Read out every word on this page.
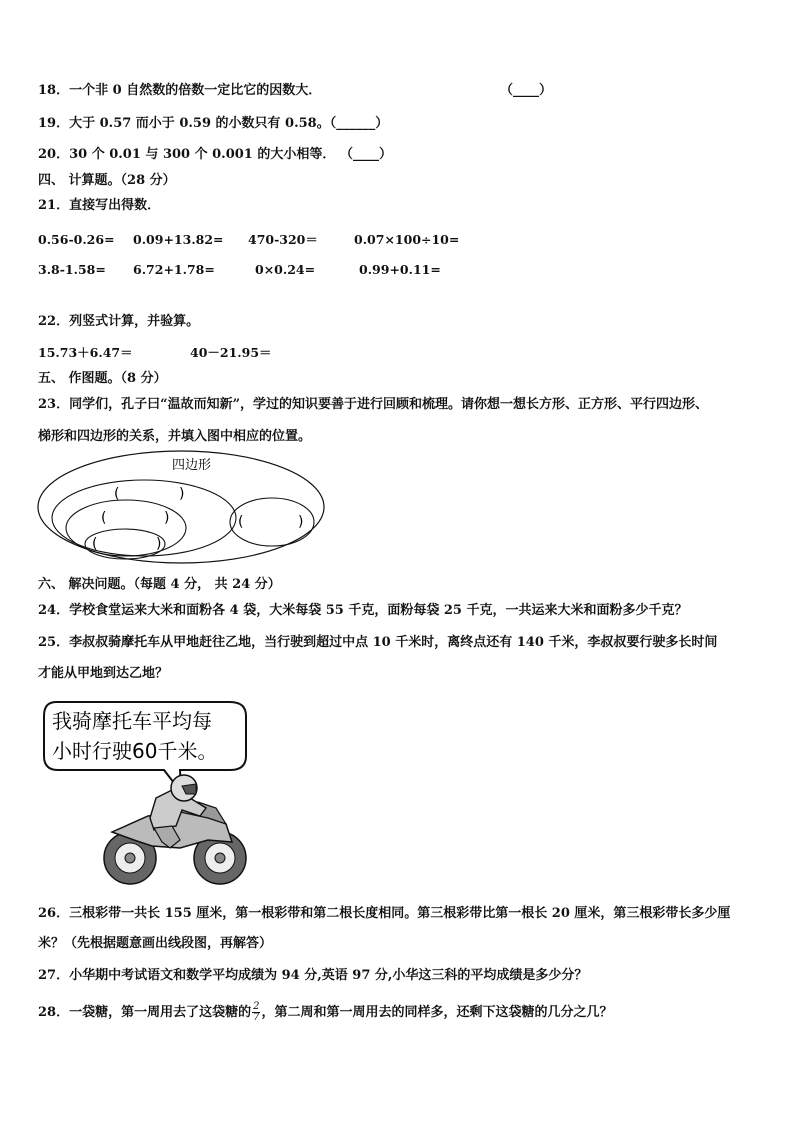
18．一个非 0 自然数的倍数一定比它的因数大．	（____）
19．大于 0.57 而小于 0.59 的小数只有 0.58。（______）
20．30 个 0.01 与 300 个 0.001 的大小相等． （____）
四、 计算题。（28 分）
21．直接写出得数．
0.56-0.26= 0.09+13.82= 470-320＝	0.07×100÷10=
3.8-1.58= 6.72+1.78=	0×0.24=	0.99+0.11=
22．列竖式计算，并验算。
15.73＋6.47＝	40－21.95＝
五、 作图题。（8 分）
23．同学们，孔子曰“温故而知新”，学过的知识要善于进行回顾和梳理。请你想一想长方形、正方形、平行四边形、
梯形和四边形的关系，并填入图中相应的位置。
四边形
(	)
(	)
(	)
(	)
六、 解决问题。（每题 4 分， 共 24 分）
24．学校食堂运来大米和面粉各 4 袋，大米每袋 55 千克，面粉每袋 25 千克，一共运来大米和面粉多少千克？
25．李叔叔骑摩托车从甲地赶往乙地，当行驶到超过中点 10 千米时，离终点还有 140 千米，李叔叔要行驶多长时间
才能从甲地到达乙地？
我骑摩托车平均每
小时行驶60千米。
26．三根彩带一共长 155 厘米，第一根彩带和第二根长度相同。第三根彩带比第一根长 20 厘米，第三根彩带长多少厘
米？（先根据题意画出线段图，再解答）
27．小华期中考试语文和数学平均成绩为 94 分,英语 97 分,小华这三科的平均成绩是多少分？
28．一袋糖，第一周用去了这袋糖的 $\frac{2}{7}$ ，第二周和第一周用去的同样多，还剩下这袋糖的几分之几？
